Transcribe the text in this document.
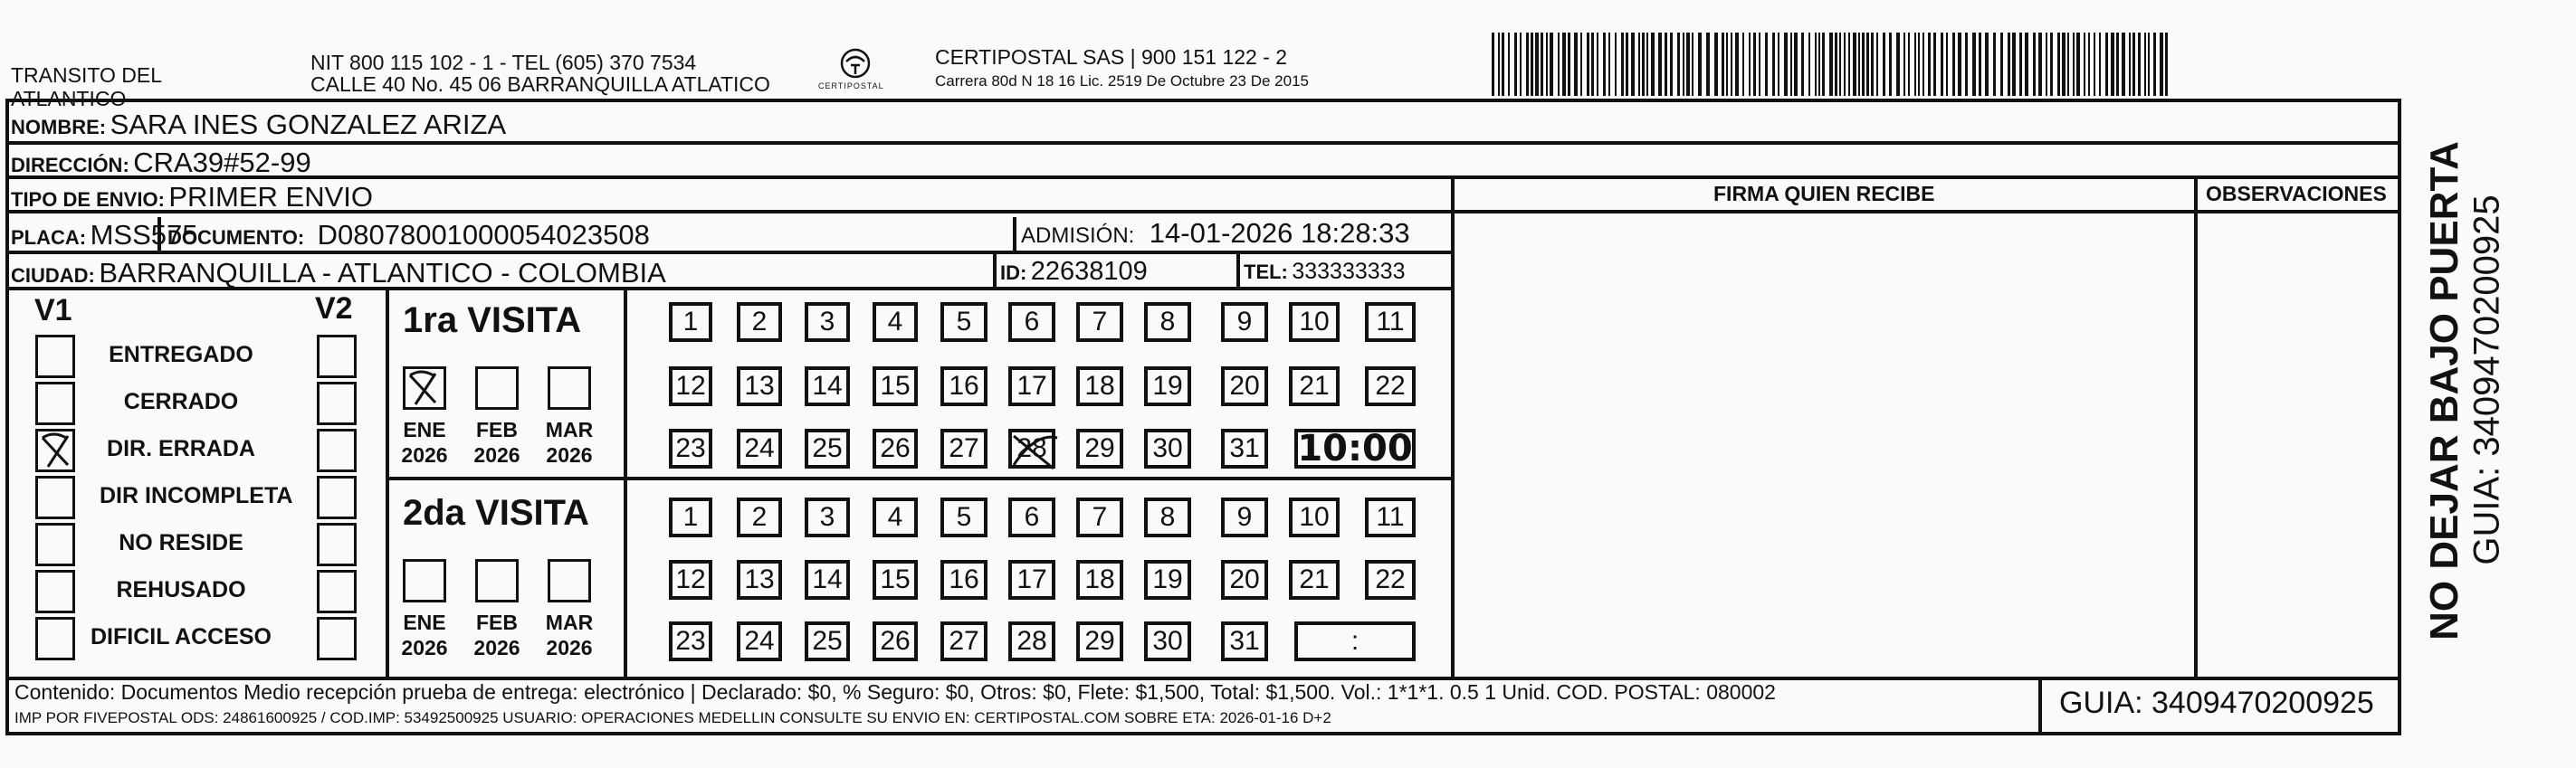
TRANSITO DEL
ATLANTICO
NIT 800 115 102 - 1 - TEL (605) 370 7534
CALLE 40 No. 45 06 BARRANQUILLA ATLATICO	CERTIPOSTAL
CERTIPOSTAL SAS | 900 151 122 - 2
Carrera 80d N 18 16 Lic. 2519 De Octubre 23 De 2015
NOMBRE: SARA INES GONZALEZ ARIZA
DIRECCIÓN: CRA39#52-99
TIPO DE ENVIO: PRIMER ENVIO
PLACA: MSS575
DOCUMENTO: D08078001000054023508	ADMISIÓN: 14-01-2026 18:28:33
CIUDAD: BARRANQUILLA - ATLANTICO - COLOMBIA	ID: 22638109	TEL: 333333333
V1	V2
ENTREGADO
CERRADO
DIR. ERRADA
DIR INCOMPLETA
NO RESIDE
REHUSADO
DIFICIL ACCESO
1ra VISITA
2da VISITA
ENE
2026
FEB
2026
MAR
2026
ENE
2026
FEB
2026
MAR
2026
1	2	3	4	5	6	7	8	9	10	11
12 13 14 15	16	17	18	19	20	21	22
23 24 25 26	27	28	29	30	31 10:00
1	2	3	4	5	6	7	8	9	10	11
12 13 14 15	16	17	18	19	20	21	22
23 24 25 26	27	28	29	30	31	:
FIRMA QUIEN RECIBE	OBSERVACIONES NO DEJAR BAJO PUERTA GUIA: 3409470200925
Contenido: Documentos Medio recepción prueba de entrega: electrónico | Declarado: $0, % Seguro: $0, Otros: $0, Flete: $1,500, Total: $1,500. Vol.: 1*1*1. 0.5 1 Unid. COD. POSTAL: 080002
IMP POR FIVEPOSTAL ODS: 24861600925 / COD.IMP: 53492500925 USUARIO: OPERACIONES MEDELLIN CONSULTE SU ENVIO EN: CERTIPOSTAL.COM SOBRE ETA: 2026-01-16 D+2	GUIA: 3409470200925
